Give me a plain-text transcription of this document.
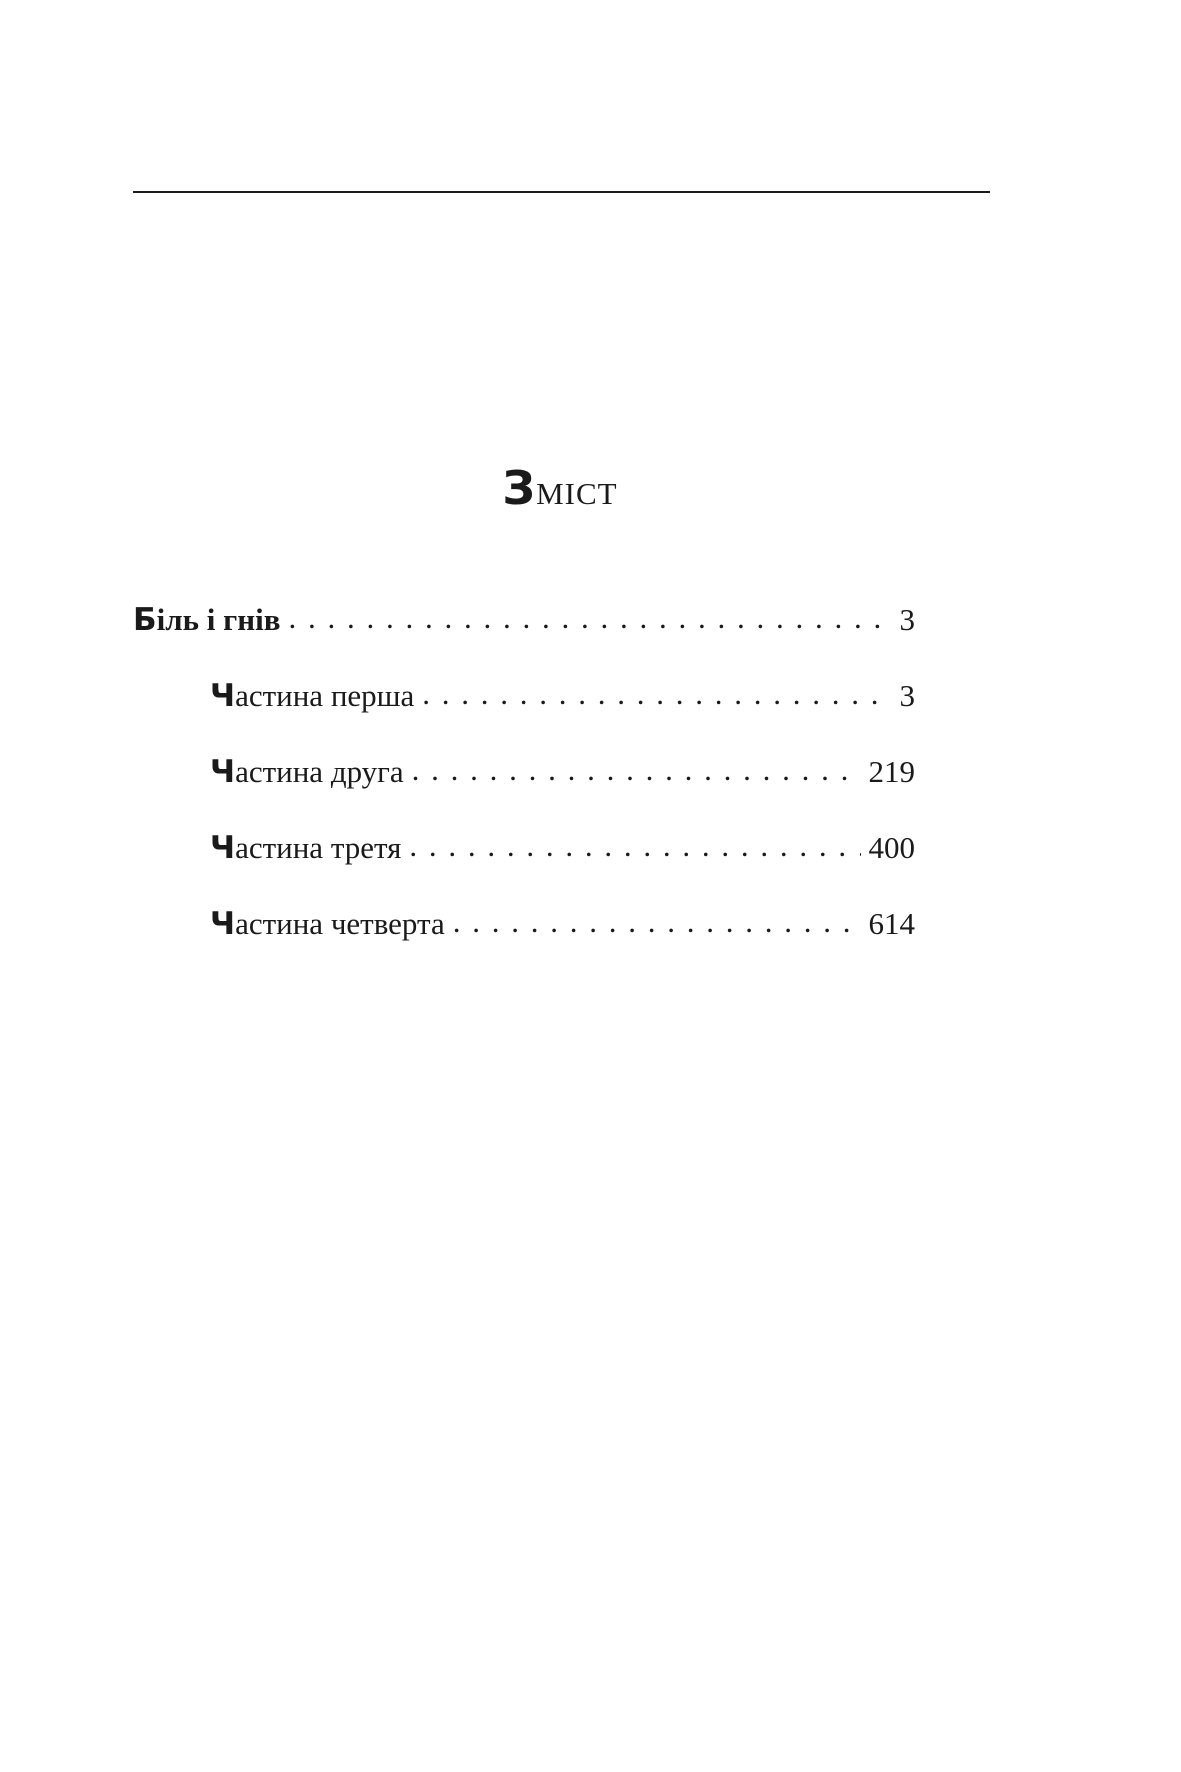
Зміст
Біль і гнів . . .	3
Частина перша . . .	3
Частина друга . . .	219
Частина третя . . .	400
Частина четверта . . .	614
